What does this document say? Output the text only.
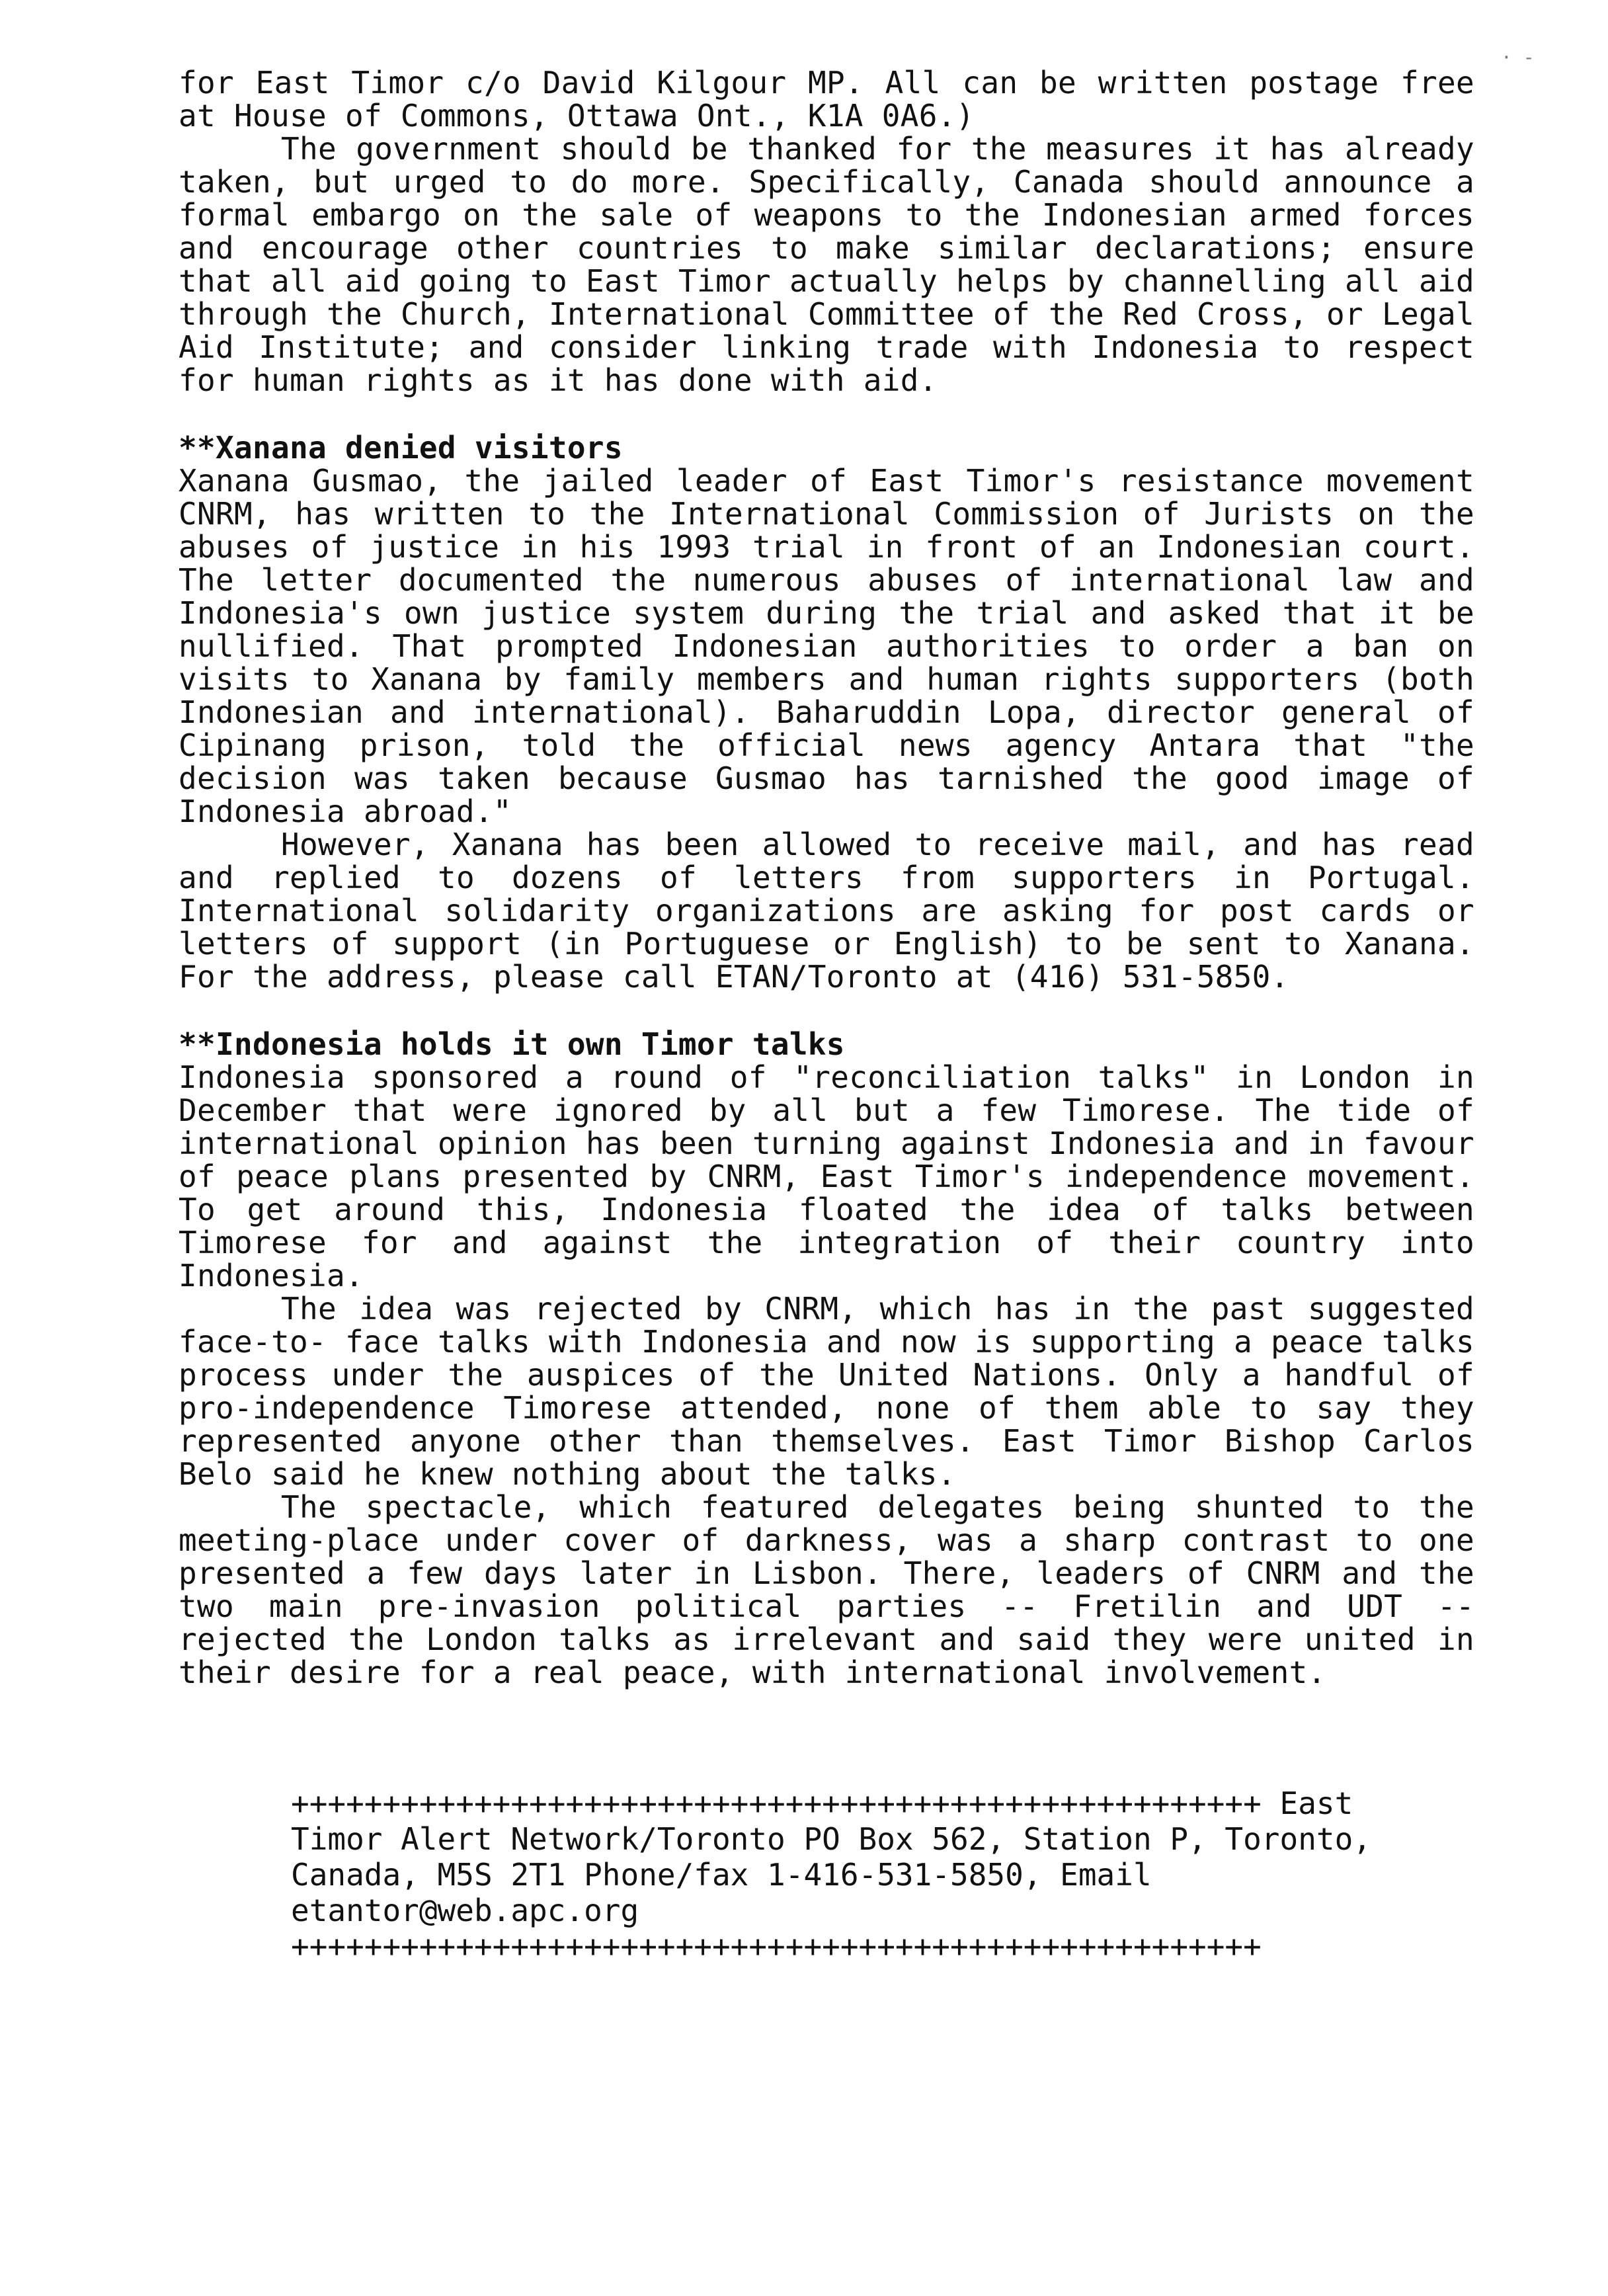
for East Timor c/o David Kilgour MP. All can be written postage free at House of Commons, Ottawa Ont., K1A 0A6.)

The government should be thanked for the measures it has already taken, but urged to do more. Specifically, Canada should announce a formal embargo on the sale of weapons to the Indonesian armed forces and encourage other countries to make similar declarations; ensure that all aid going to East Timor actually helps by channelling all aid through the Church, International Committee of the Red Cross, or Legal Aid Institute; and consider linking trade with Indonesia to respect for human rights as it has done with aid.

**Xanana denied visitors

Xanana Gusmao, the jailed leader of East Timor's resistance movement CNRM, has written to the International Commission of Jurists on the abuses of justice in his 1993 trial in front of an Indonesian court. The letter documented the numerous abuses of international law and Indonesia's own justice system during the trial and asked that it be nullified. That prompted Indonesian authorities to order a ban on visits to Xanana by family members and human rights supporters (both Indonesian and international). Baharuddin Lopa, director general of Cipinang prison, told the official news agency Antara that "the decision was taken because Gusmao has tarnished the good image of Indonesia abroad."

However, Xanana has been allowed to receive mail, and has read and replied to dozens of letters from supporters in Portugal. International solidarity organizations are asking for post cards or letters of support (in Portuguese or English) to be sent to Xanana. For the address, please call ETAN/Toronto at (416) 531-5850.

**Indonesia holds it own Timor talks

Indonesia sponsored a round of "reconciliation talks" in London in December that were ignored by all but a few Timorese. The tide of international opinion has been turning against Indonesia and in favour of peace plans presented by CNRM, East Timor's independence movement. To get around this, Indonesia floated the idea of talks between Timorese for and against the integration of their country into Indonesia.

The idea was rejected by CNRM, which has in the past suggested face-to- face talks with Indonesia and now is supporting a peace talks process under the auspices of the United Nations. Only a handful of pro-independence Timorese attended, none of them able to say they represented anyone other than themselves. East Timor Bishop Carlos Belo said he knew nothing about the talks.

The spectacle, which featured delegates being shunted to the meeting-place under cover of darkness, was a sharp contrast to one presented a few days later in Lisbon. There, leaders of CNRM and the two main pre-invasion political parties -- Fretilin and UDT -- rejected the London talks as irrelevant and said they were united in their desire for a real peace, with international involvement.

+++++++++++++++++++++++++++++++++++++++++++++++++++++ East
Timor Alert Network/Toronto PO Box 562, Station P, Toronto, Canada, M5S 2T1 Phone/fax 1-416-531-5850, Email etantor@web.apc.org
+++++++++++++++++++++++++++++++++++++++++++++++++++++
· -
